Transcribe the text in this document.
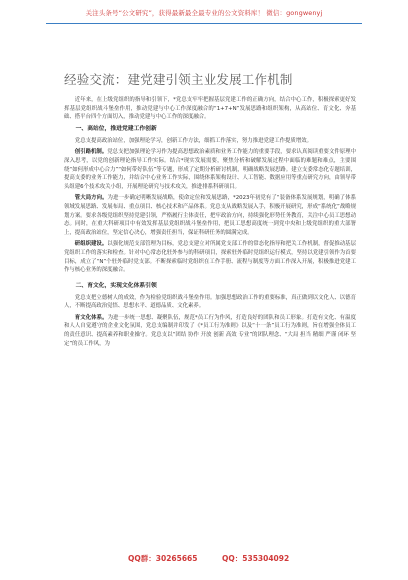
关注头条号“公文研究”，获得最新最全最专业的公文资料库！ 微信：gongwenyj
经验交流：建党建引领主业发展工作机制

近年来，在上级党组织的指导和引领下，*党总支牢牢把握基层党建工作的正确方向，结合中心工作，积极探索更好发挥基层党组织战斗堡垒作用，推动党建与中心工作深度融合的“1+7+N”发展思路和组织架构，从高站位、育文化、夯基础、搭平台四个方面切入，推动党建与中心工作的深度融合。

一、高站位，推进党建工作创新

党总支提高政治站位，加强理论学习，创新工作方法，细抓工作落实，努力推进党建工作提质增效。

创引路机制。党总支把加强理论学习作为提高思想政治素质和业务工作能力的重要手段，要求认真阅读重要文件原理中深入思考，以党的创新理论指导工作实际。结合*现实发展需要，聚焦分析和破解发展过程中面临的难题和难点，主要围绕“如何形成中心合力”“如何带好队伍”等专题，形成了定期分析研讨机制，明确战略发展思路。建立支委常态化专题培训，提高支委的业务工作能力，并结合中心业务工作实际，围绕体系架构设计、人工智能、数据应用等重点研究方向，由领导带头组建6个技术攻关小组，开展理论研究与技术攻关，推进排系科研项目。

管大局方向。为进一步确定明晰发展战略，使命定位和发展思路，*2023年初党有了“装备体系发展规划，明确了体系领域发展思路、发展布局、重点项目、核心技术和产品体系。党总支从战略发展入手，积极开展研究，形成“系统化”战略规划方案。要求各级党组织坚持党建引领，严格履行主体责任，把牢政治方向，持续强化形势任务教育，关注中心员工思想动态。同时，在重大科研项目中有效发挥基层党组织战斗堡垒作用，把员工思想高度统一到党中央和上级党组织的重大部署上，提高政治站位，坚定信心决心，增强责任担当，保证科研任务的圆满完成。

研组织建设。以强化规范支部管理为目标，党总支建立对所属党支部工作的常态化指导和把关工作机制，督促推动基层党组织工作的落实和检查。针对中心常态化驻外参与的科研项目，探索驻外临时党组织运行模式，坚持以党建引领作为首要目标，成立了“N”个驻外临时党支部。不断探索临时党组织在工作手册、流程与制度等方面工作深入开展，积极推进党建工作与核心业务的深度融合。

二、育文化，实现文化体系引领

党总支把立德树人的成效，作为检验党组织战斗堡垒作用。加强思想政治工作的重要标准，真正做到以文化人、以德育人，不断提高政治觉悟、思想水平、道德品质、文化素养。

育文化体系。为进一步统一思想、凝聚队伍，规范*员工行为作风，打造良好的团队和员工形象。打造有文化、有温度和人人自觉遵守的企业文化氛围，党总支编制并印发了《*员工行为准则》以及“十一条”员工行为准则，旨在增强全体员工的责任意识、提高素养和职业操守。党总支以“团结 协作 开放 创新 高效 专业”的团队理念、“大局 担当 精细 严谨 闭环 坚定”的员工作风，为

QQ群：30265665	QQ：535304092
